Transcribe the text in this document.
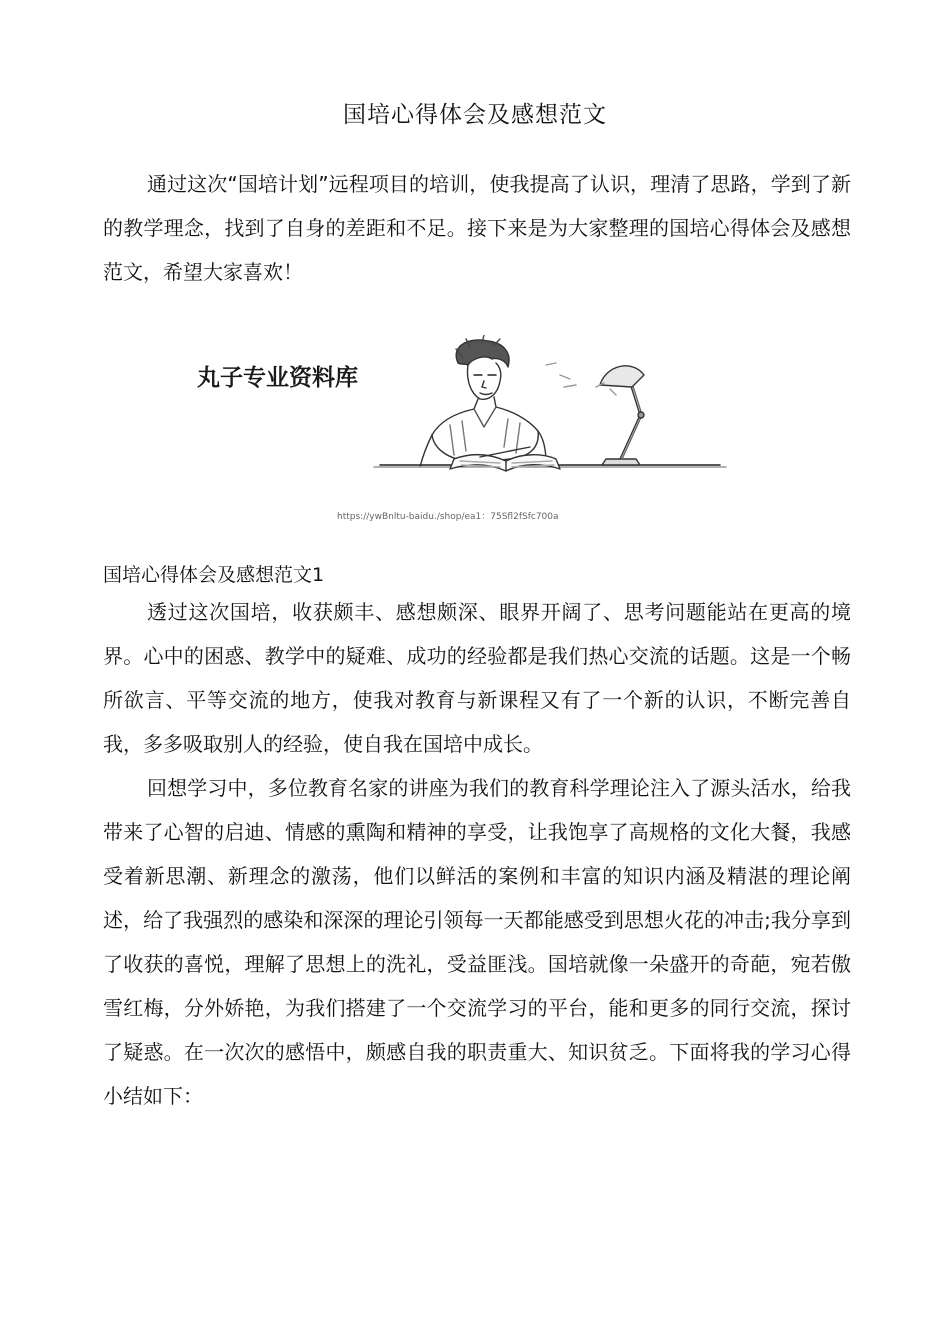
国培心得体会及感想范文

通过这次“国培计划”远程项目的培训，使我提高了认识，理清了思路，学到了新的教学理念，找到了自身的差距和不足。接下来是为大家整理的国培心得体会及感想范文，希望大家喜欢！

丸子专业资料库
https://ywBnltu-baidu./shop/ea1：75Sfl2fSfc700a
国培心得体会及感想范文1

透过这次国培，收获颇丰、感想颇深、眼界开阔了、思考问题能站在更高的境界。心中的困惑、教学中的疑难、成功的经验都是我们热心交流的话题。这是一个畅所欲言、平等交流的地方，使我对教育与新课程又有了一个新的认识，不断完善自我，多多吸取别人的经验，使自我在国培中成长。

回想学习中，多位教育名家的讲座为我们的教育科学理论注入了源头活水，给我带来了心智的启迪、情感的熏陶和精神的享受，让我饱享了高规格的文化大餐，我感受着新思潮、新理念的激荡，他们以鲜活的案例和丰富的知识内涵及精湛的理论阐述，给了我强烈的感染和深深的理论引领每一天都能感受到思想火花的冲击;我分享到了收获的喜悦，理解了思想上的洗礼，受益匪浅。国培就像一朵盛开的奇葩，宛若傲雪红梅，分外娇艳，为我们搭建了一个交流学习的平台，能和更多的同行交流，探讨了疑惑。在一次次的感悟中，颇感自我的职责重大、知识贫乏。下面将我的学习心得小结如下：
